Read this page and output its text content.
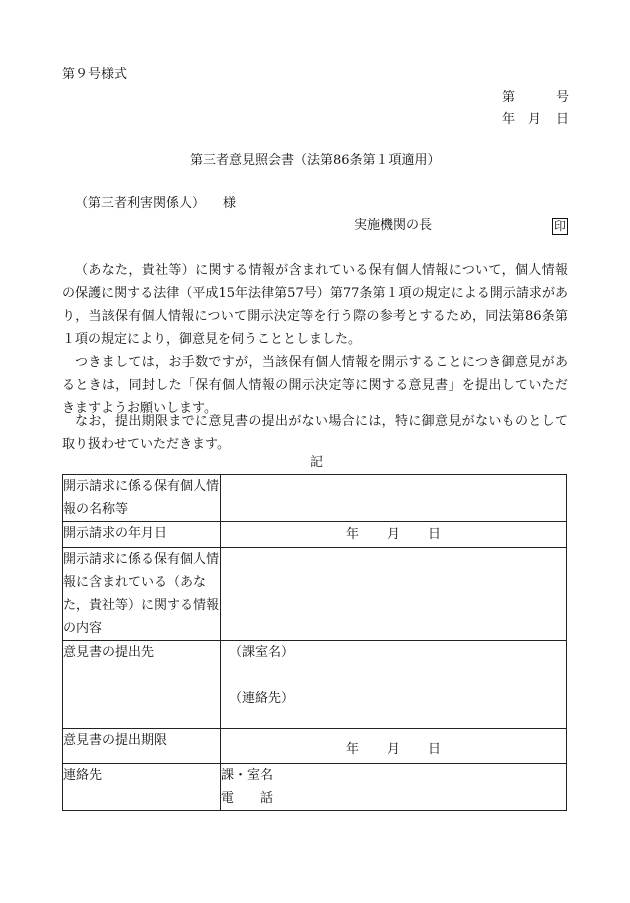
第９号様式
第	号
年 月 日
第三者意見照会書（法第86条第１項適用）
（第三者利害関係人） 様
実施機関の長	印

（あなた，貴社等）に関する情報が含まれている保有個人情報について，個人情報の保護に関する法律（平成15年法律第57号）第77条第１項の規定による開示請求があり，当該保有個人情報について開示決定等を行う際の参考とするため，同法第86条第１項の規定により，御意見を伺うこととしました。

つきましては，お手数ですが，当該保有個人情報を開示することにつき御意見があるときは，同封した「保有個人情報の開示決定等に関する意見書」を提出していただきますようお願いします。

なお，提出期限までに意見書の提出がない場合には，特に御意見がないものとして取り扱わせていただきます。

記
開示請求に係る保有個人情報の名称等	
開示請求の年月日	年 月 日
開示請求に係る保有個人情報に含まれている（あなた，貴社等）に関する情報の内容	
意見書の提出先	（課室名）
（連絡先）

意見書の提出期限	年 月 日
連絡先	課・室名
電　　話
